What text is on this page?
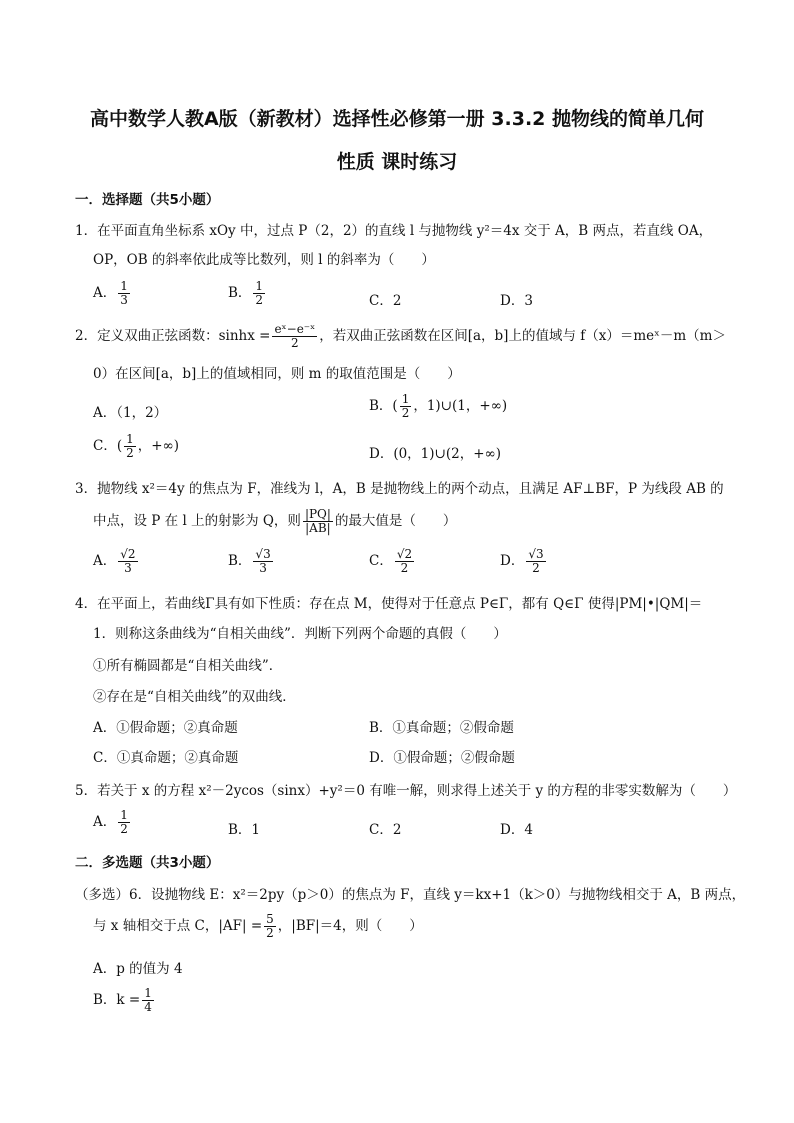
高中数学人教A版（新教材）选择性必修第一册 3.3.2 抛物线的简单几何
性质 课时练习
一．选择题（共5小题）
1．在平面直角坐标系 xOy 中，过点 P（2，2）的直线 l 与抛物线 y²＝4x 交于 A，B 两点，若直线 OA，
OP，OB 的斜率依此成等比数列，则 l 的斜率为（　　）
A． $\frac{1}{3}$	B． $\frac{1}{2}$	C．2	D．3
2．定义双曲正弦函数：$\sinh x = \frac{\text{eˣ−e⁻ˣ}}{2}$ ，若双曲正弦函数在区间[a，b]上的值域与 f（x）＝meˣ－m（m＞
0）在区间[a，b]上的值域相同，则 m 的取值范围是（　　）
A．（1，2）	B．( $\frac{1}{2}$ ，1)∪(1，+∞)
C．( $\frac{1}{2}$ ，+∞)	D．(0，1)∪(2，+∞)
3．抛物线 x²＝4y 的焦点为 F，准线为 l，A，B 是抛物线上的两个动点，且满足 AF⊥BF，P 为线段 AB 的
中点，设 P 在 l 上的射影为 Q，则 $\frac{|PQ|}{|AB|}$ 的最大值是（　　）
A． $\frac{√2}{3}$	B． $\frac{√3}{3}$	C． $\frac{√2}{2}$	D． $\frac{√3}{2}$
4．在平面上，若曲线Γ具有如下性质：存在点 M，使得对于任意点 P∈Γ，都有 Q∈Γ 使得|PM|•|QM|＝
1．则称这条曲线为“自相关曲线”．判断下列两个命题的真假（　　）
①所有椭圆都是“自相关曲线”．
②存在是“自相关曲线”的双曲线．
A．①假命题；②真命题	B．①真命题；②假命题
C．①真命题；②真命题	D．①假命题；②假命题
5．若关于 x 的方程 x²－2ycos（sinx）+y²＝0 有唯一解，则求得上述关于 y 的方程的非零实数解为（　　）
A． $\frac{1}{2}$	B．1	C．2	D．4
二．多选题（共3小题）
（多选）6．设抛物线 E：x²＝2py（p＞0）的焦点为 F，直线 y＝kx+1（k＞0）与抛物线相交于 A，B 两点，
与 x 轴相交于点 C，$|AF| = \frac{5}{2}$ ，|BF|＝4，则（　　）
A．p 的值为 4
B．$k = \frac{1}{4}$
